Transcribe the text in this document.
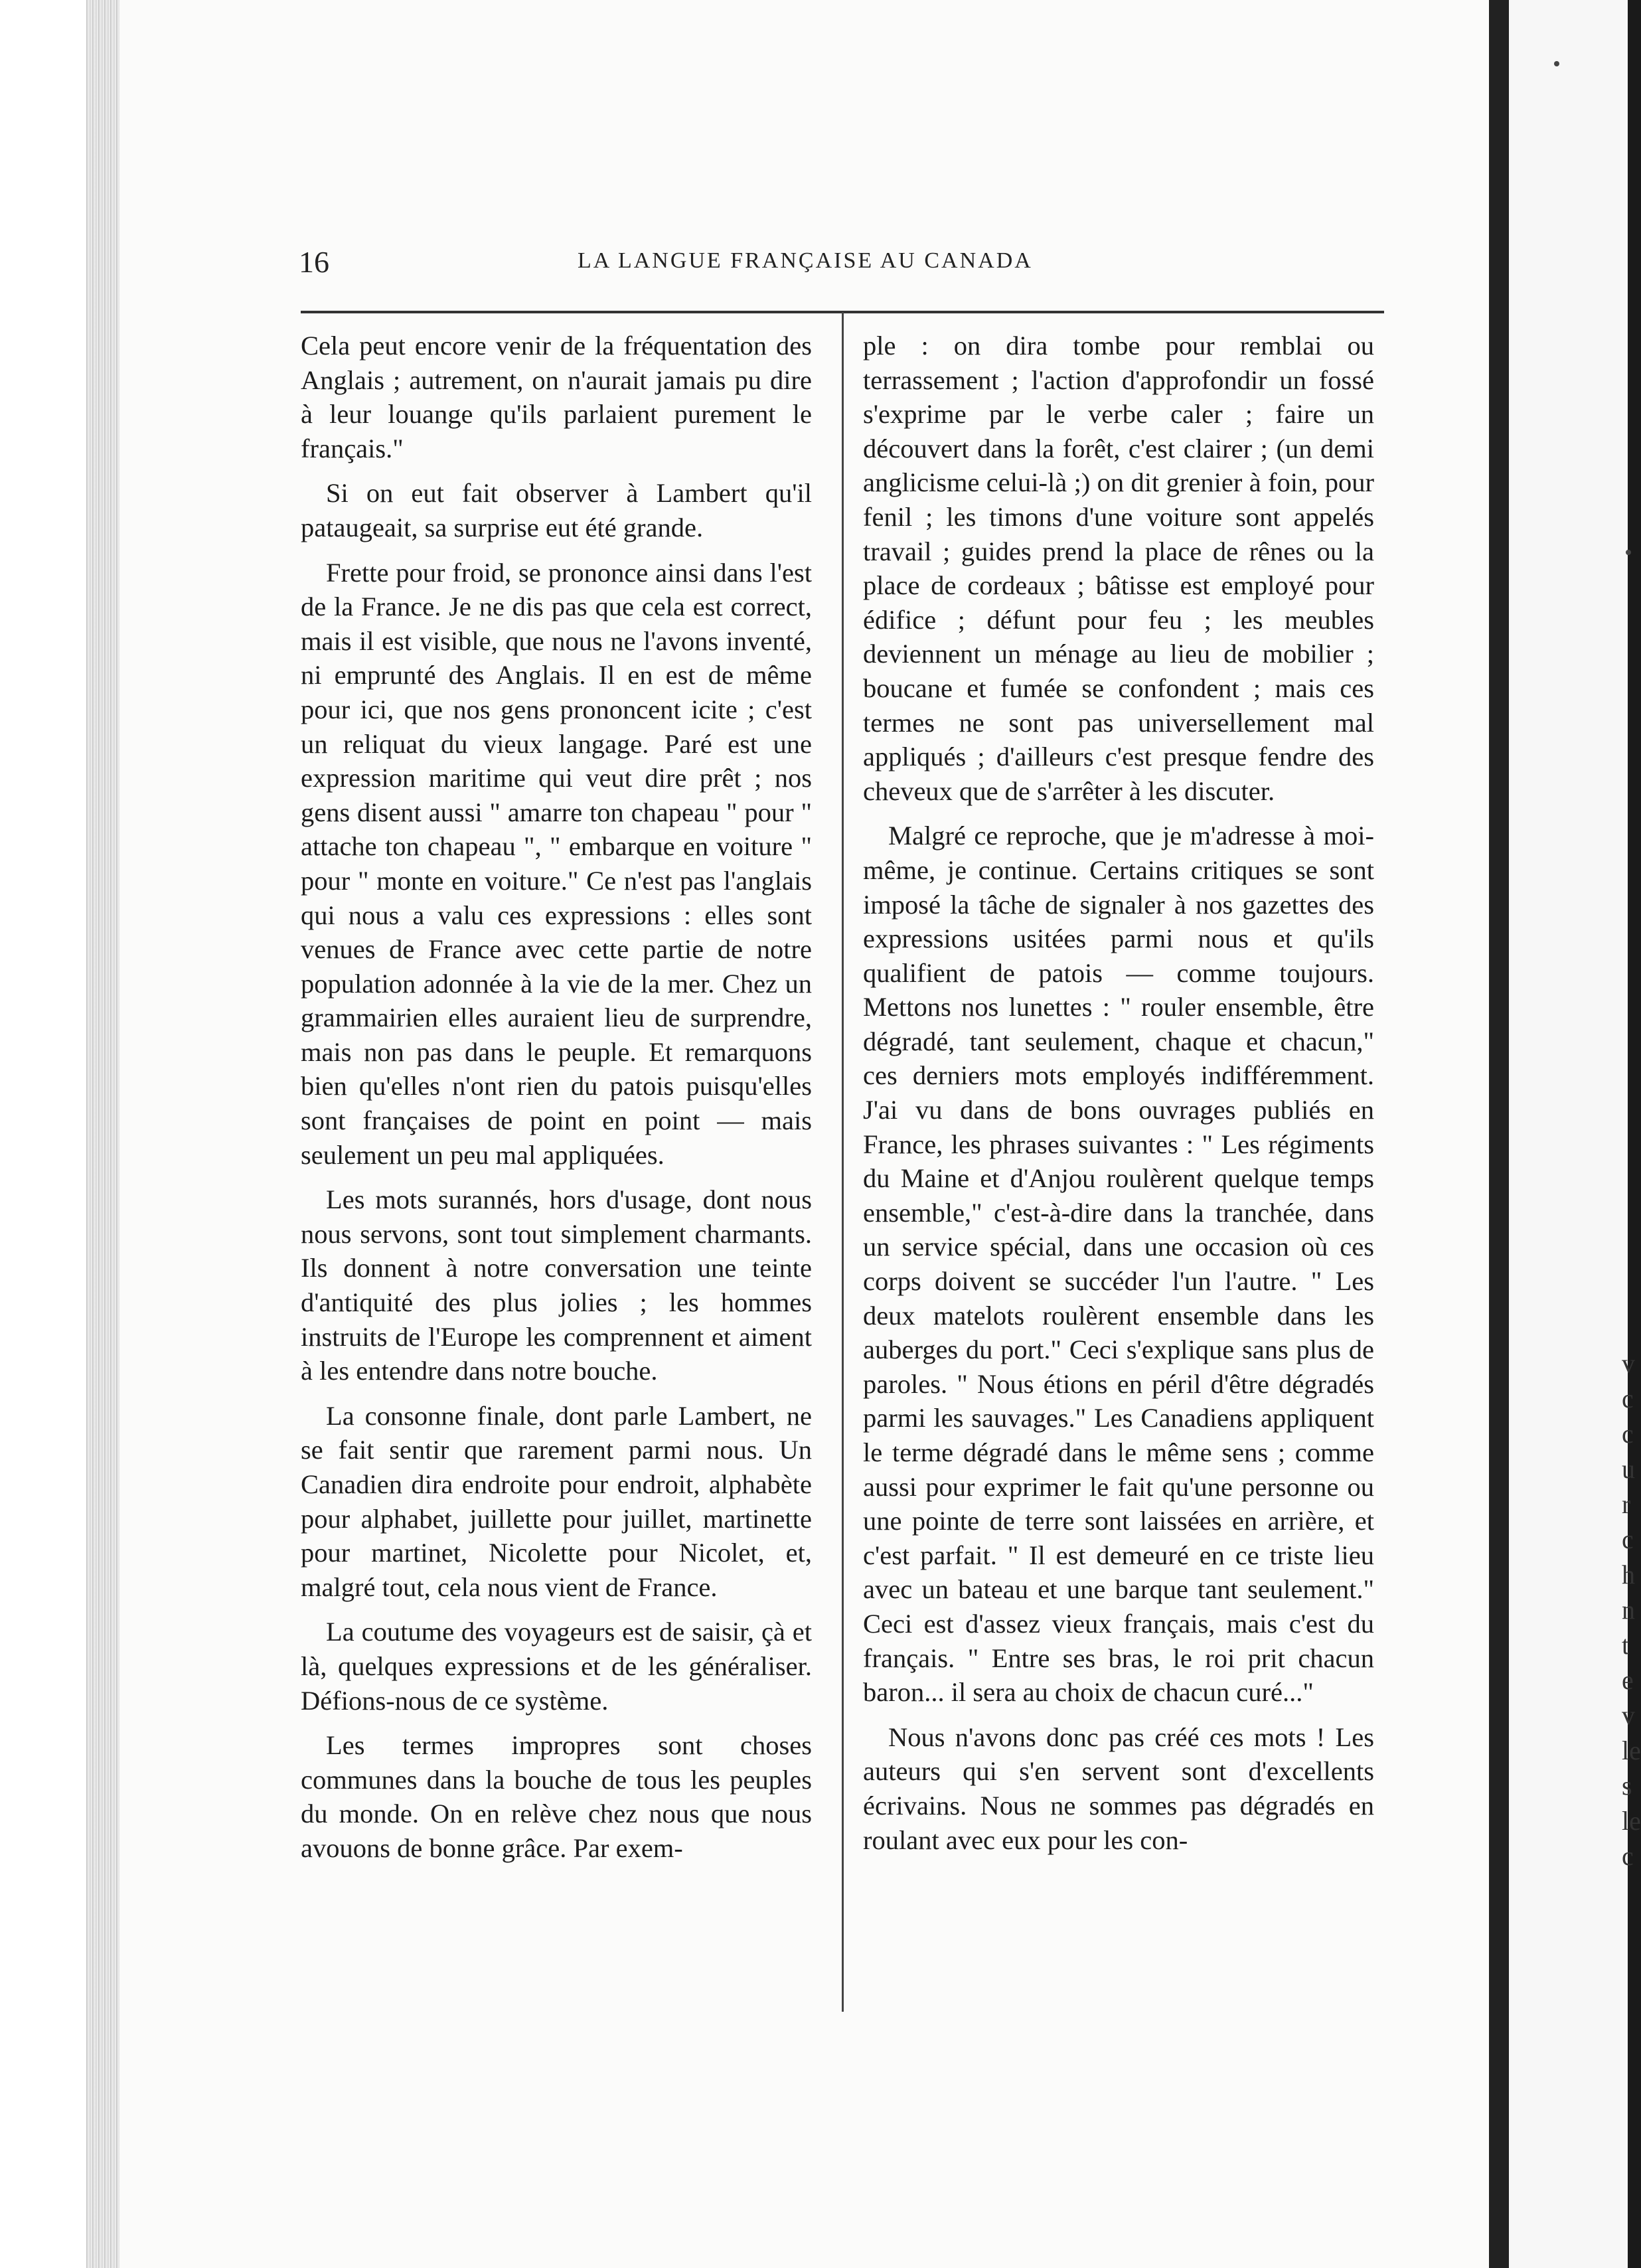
16	LA LANGUE FRANÇAISE AU CANADA

Cela peut encore venir de la fréquentation des Anglais ; autrement, on n'aurait jamais pu dire à leur louange qu'ils parlaient purement le français."

Si on eut fait observer à Lambert qu'il pataugeait, sa surprise eut été grande.

Frette pour froid, se prononce ainsi dans l'est de la France. Je ne dis pas que cela est correct, mais il est visible, que nous ne l'avons inventé, ni emprunté des Anglais. Il en est de même pour ici, que nos gens prononcent icite ; c'est un reliquat du vieux langage. Paré est une expression maritime qui veut dire prêt ; nos gens disent aussi " amarre ton chapeau " pour " attache ton chapeau ", " embarque en voiture " pour " monte en voiture." Ce n'est pas l'anglais qui nous a valu ces expressions : elles sont venues de France avec cette partie de notre population adonnée à la vie de la mer. Chez un grammairien elles auraient lieu de surprendre, mais non pas dans le peuple. Et remarquons bien qu'elles n'ont rien du patois puisqu'elles sont françaises de point en point — mais seulement un peu mal appliquées.

Les mots surannés, hors d'usage, dont nous nous servons, sont tout simplement charmants. Ils donnent à notre conversation une teinte d'antiquité des plus jolies ; les hommes instruits de l'Europe les comprennent et aiment à les entendre dans notre bouche.

La consonne finale, dont parle Lambert, ne se fait sentir que rarement parmi nous. Un Canadien dira endroite pour endroit, alphabète pour alphabet, juillette pour juillet, martinette pour martinet, Nicolette pour Nicolet, et, malgré tout, cela nous vient de France.

La coutume des voyageurs est de saisir, çà et là, quelques expressions et de les généraliser. Défions-nous de ce système.

Les termes impropres sont choses communes dans la bouche de tous les peuples du monde. On en relève chez nous que nous avouons de bonne grâce. Par exem-

ple : on dira tombe pour remblai ou terrassement ; l'action d'approfondir un fossé s'exprime par le verbe caler ; faire un découvert dans la forêt, c'est clairer ; (un demi anglicisme celui-là ;) on dit grenier à foin, pour fenil ; les timons d'une voiture sont appelés travail ; guides prend la place de rênes ou la place de cordeaux ; bâtisse est employé pour édifice ; défunt pour feu ; les meubles deviennent un ménage au lieu de mobilier ; boucane et fumée se confondent ; mais ces termes ne sont pas universellement mal appliqués ; d'ailleurs c'est presque fendre des cheveux que de s'arrêter à les discuter.

Malgré ce reproche, que je m'adresse à moi-même, je continue. Certains critiques se sont imposé la tâche de signaler à nos gazettes des expressions usitées parmi nous et qu'ils qualifient de patois — comme toujours. Mettons nos lunettes : " rouler ensemble, être dégradé, tant seulement, chaque et chacun," ces derniers mots employés indifféremment. J'ai vu dans de bons ouvrages publiés en France, les phrases suivantes : " Les régiments du Maine et d'Anjou roulèrent quelque temps ensemble," c'est-à-dire dans la tranchée, dans un service spécial, dans une occasion où ces corps doivent se succéder l'un l'autre. " Les deux matelots roulèrent ensemble dans les auberges du port." Ceci s'explique sans plus de paroles. " Nous étions en péril d'être dégradés parmi les sauvages." Les Canadiens appliquent le terme dégradé dans le même sens ; comme aussi pour exprimer le fait qu'une personne ou une pointe de terre sont laissées en arrière, et c'est parfait. " Il est demeuré en ce triste lieu avec un bateau et une barque tant seulement." Ceci est d'assez vieux français, mais c'est du français. " Entre ses bras, le roi prit chacun baron... il sera au choix de chacun curé..."

Nous n'avons donc pas créé ces mots ! Les auteurs qui s'en servent sont d'excellents écrivains. Nous ne sommes pas dégradés en roulant avec eux pour les con-

v
c
c
u
r
c
h
n
t
e
v
le
s
le
c
